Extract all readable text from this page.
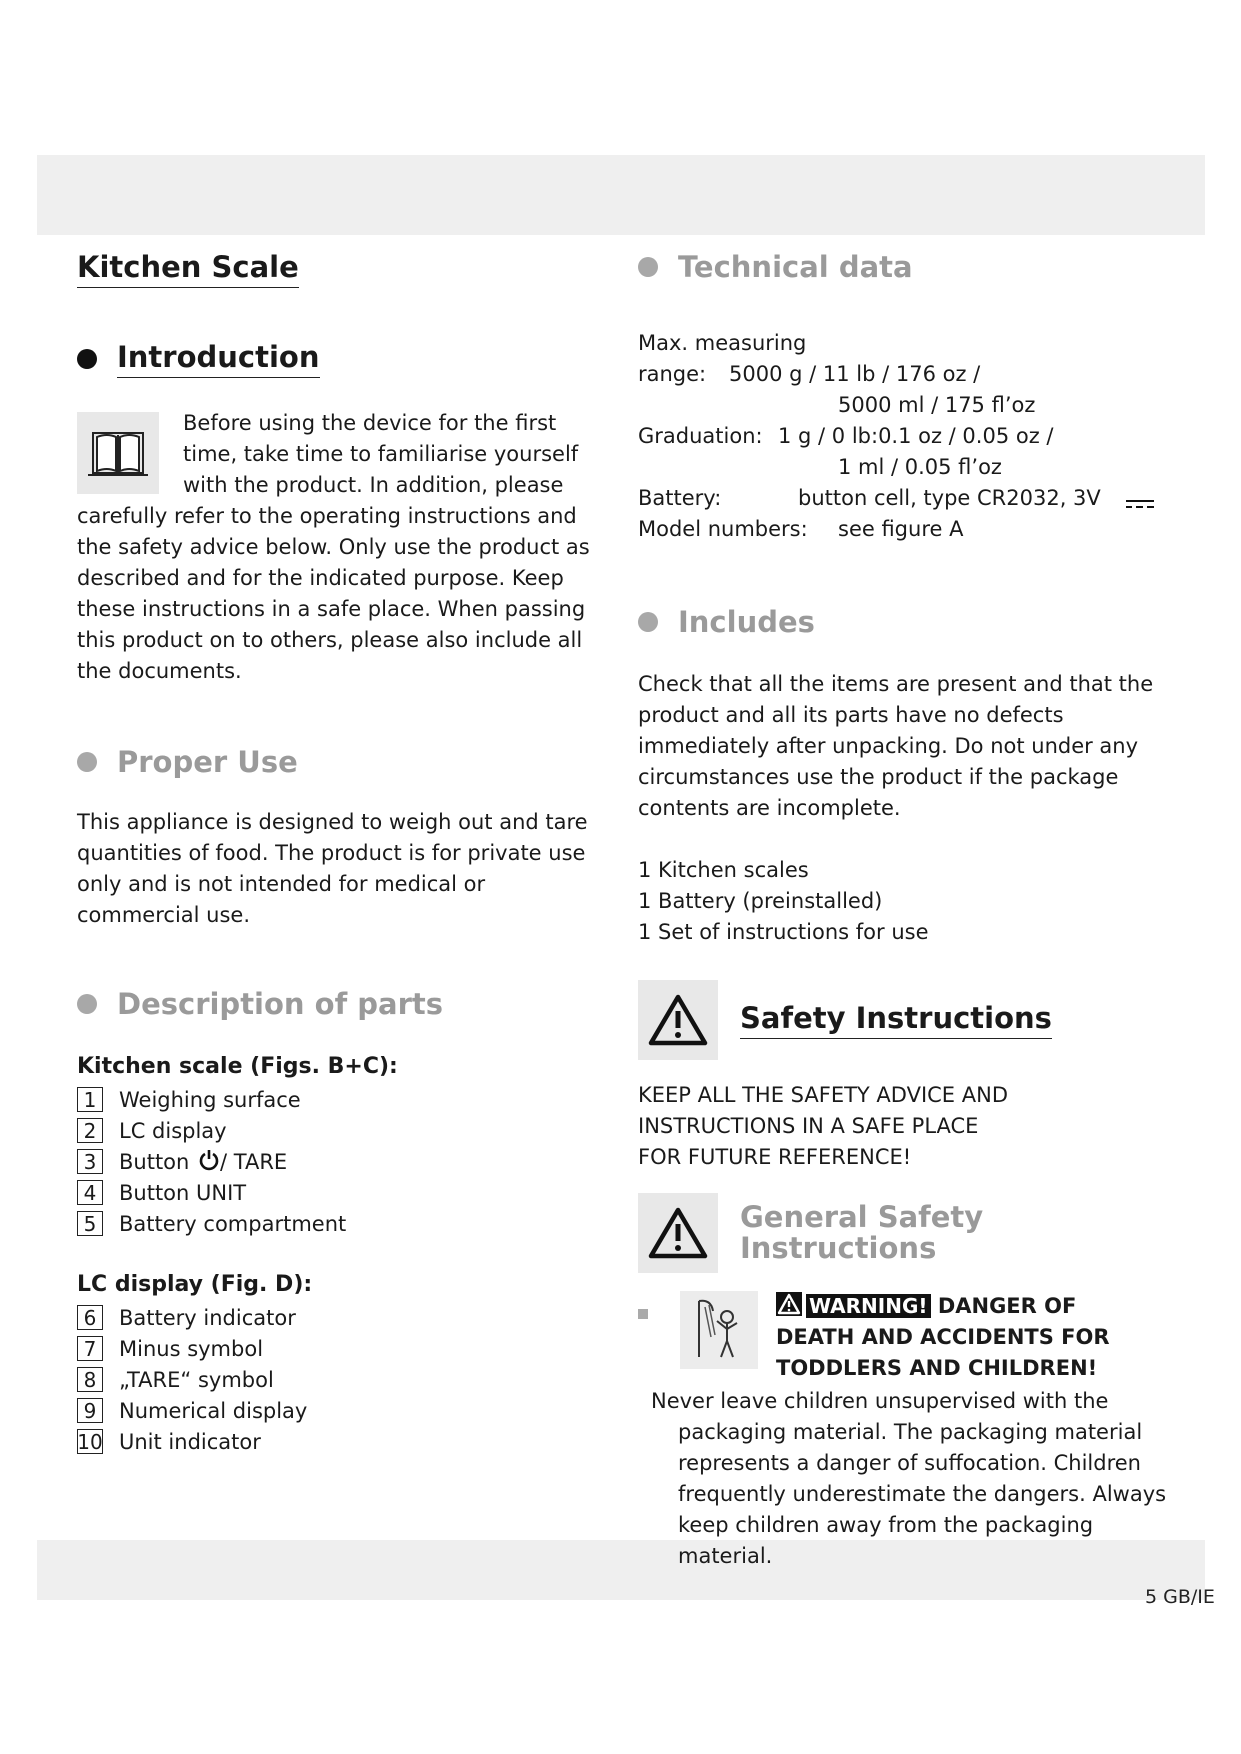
5 GB/IE
Kitchen Scale
Introduction

Before using the device for the first time, take time to familiarise yourself with the product. In addition, please carefully refer to the operating instructions and the safety advice below. Only use the product as described and for the indicated purpose. Keep these instructions in a safe place. When passing this product on to others, please also include all the documents.

Proper Use

This appliance is designed to weigh out and tare quantities of food. The product is for private use only and is not intended for medical or commercial use.

Description of parts
Kitchen scale (Figs. B+C):
1	Weighing surface
2	LC display
3	Button / TARE
4	Button UNIT
5	Battery compartment
LC display (Fig. D):
6	Battery indicator
7	Minus symbol
8	„TARE“ symbol
9	Numerical display
10 Unit indicator
Technical data
Max. measuring
range: 5000 g / 11 lb / 176 oz /
5000 ml / 175 fl’oz
Graduation: 1 g / 0 lb:0.1 oz / 0.05 oz /
1 ml / 0.05 fl’oz
Battery:	button cell, type CR2032, 3V
Model numbers: see figure A
Includes

Check that all the items are present and that the product and all its parts have no defects immediately after unpacking. Do not under any circumstances use the product if the package contents are incomplete.

1 Kitchen scales

1 Battery (preinstalled)

1 Set of instructions for use

Safety Instructions

KEEP ALL THE SAFETY ADVICE AND

INSTRUCTIONS IN A SAFE PLACE

FOR FUTURE REFERENCE!

General Safety
Instructions
WARNING! DANGER OF
DEATH AND ACCIDENTS FOR
TODDLERS AND CHILDREN!

Never leave children unsupervised with the packaging material. The packaging material represents a danger of suffocation. Children frequently underestimate the dangers. Always keep children away from the packaging material.
